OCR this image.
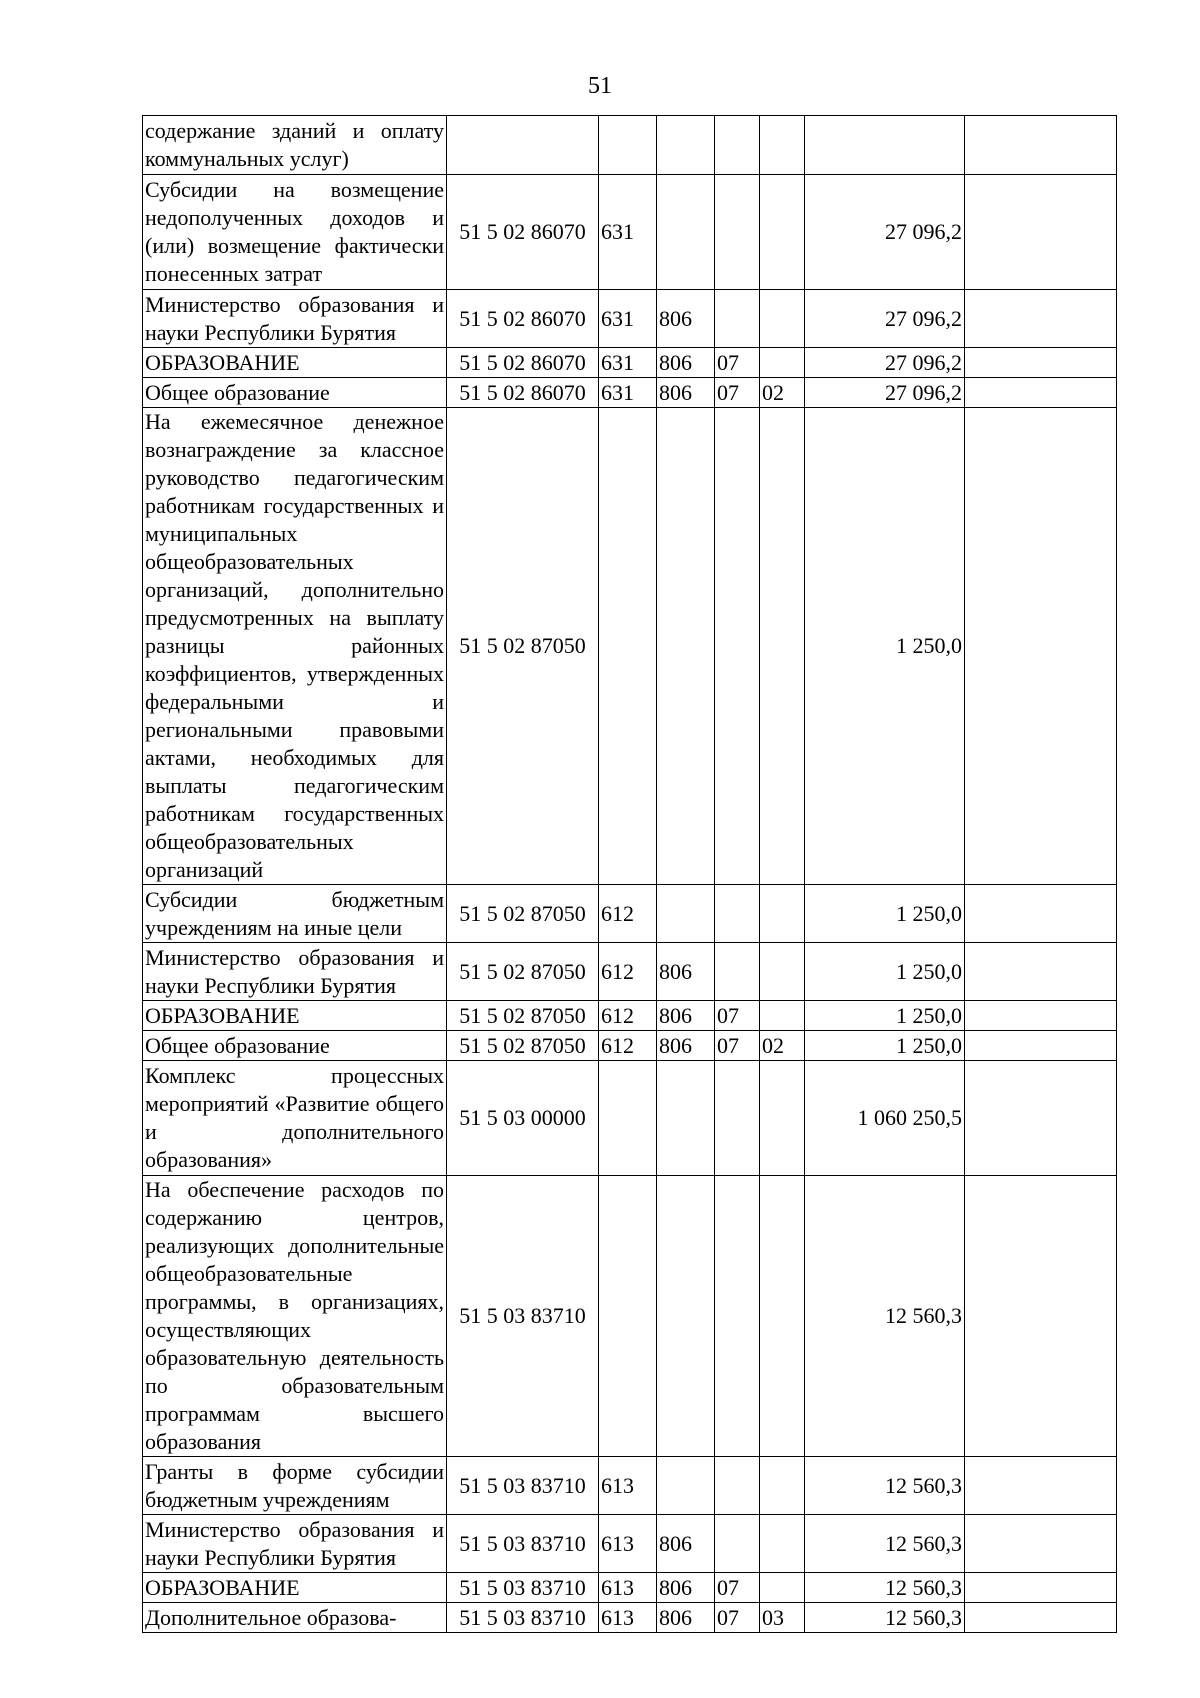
51
содержание зданий и оплату коммунальных услуг)							
Субсидии на возмещение недополученных доходов и (или) возмещение фактически понесенных затрат	51 5 02 86070	631				27 096,2	
Министерство образования и науки Республики Бурятия	51 5 02 86070	631	806			27 096,2	
ОБРАЗОВАНИЕ	51 5 02 86070	631	806	07		27 096,2	
Общее образование	51 5 02 86070	631	806	07	02	27 096,2	
На ежемесячное денежное вознаграждение за классное руководство педагогическим работникам государственных и муниципальных общеобразовательных организаций, дополнительно предусмотренных на выплату разницы районных коэффициентов, утвержденных федеральными и региональными правовыми актами, необходимых для выплаты педагогическим работникам государственных общеобразовательных организаций	51 5 02 87050					1 250,0	
Субсидии бюджетным учреждениям на иные цели	51 5 02 87050	612				1 250,0	
Министерство образования и науки Республики Бурятия	51 5 02 87050	612	806			1 250,0	
ОБРАЗОВАНИЕ	51 5 02 87050	612	806	07		1 250,0	
Общее образование	51 5 02 87050	612	806	07	02	1 250,0	
Комплекс процессных мероприятий «Развитие общего и дополнительного образования»	51 5 03 00000					1 060 250,5	
На обеспечение расходов по содержанию центров, реализующих дополнительные общеобразовательные программы, в организациях, осуществляющих образовательную деятельность по образовательным программам высшего образования	51 5 03 83710					12 560,3	
Гранты в форме субсидии бюджетным учреждениям	51 5 03 83710	613				12 560,3	
Министерство образования и науки Республики Бурятия	51 5 03 83710	613	806			12 560,3	
ОБРАЗОВАНИЕ	51 5 03 83710	613	806	07		12 560,3	
Дополнительное образова-	51 5 03 83710	613	806	07	03	12 560,3	
